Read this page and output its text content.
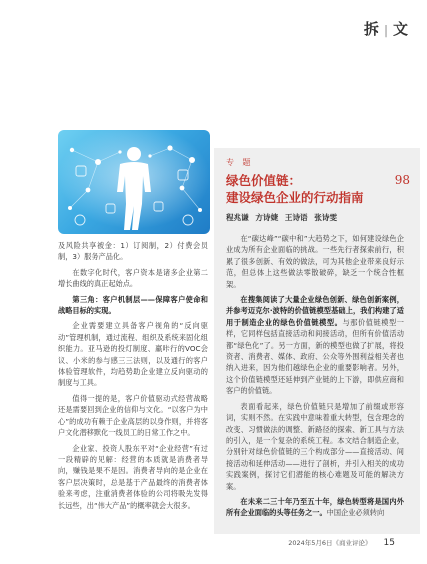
拆|文

及风险共享被金：1）订阅制，2）付费会员制，3）服务产品化。

在数字化时代，客户资本是诸多企业第二增长曲线的真正起始点。

第三角：客户机制层——保障客户使命和战略目标的实现。

企业需要建立具备客户视角的“反向驱动”管理机制，通过流程、组织及系统来固化组织能力。亚马逊的投灯制度、羸咔行的VOC会议、小米的参与感三三法则，以及通行的客户体验管理软件，均趋势助企业建立反向驱动的制度与工具。

值得一提的是，客户价值驱动式经营战略还是需要回到企业的信仰与文化。“以客户为中心”的成功有赖于企业高层的以身作则，并将客户文化潜移默化一线员工的日常工作之中。

企业家、投资人股东平对“企业经营”有过一段精辟的见解：经营的本质就是消费者导向，赚钱是果不是因。消费者导向的是企业在客户层决策时，总是基于产品最终的消费者体验来考虑，注重消费者体验的公司将吸先发得长远些，出“伟大产品”的概率就会大很多。

专 题
绿色价值链：	98

建设绿色企业的行动指南
程兆谦 方诗婕 王诗语 张诗雯

在“碳达峰”“碳中和”大趋势之下，如何建设绿色企业成为所有企业面临的挑战。一些先行者探索前行，积累了很多创新、有效的做法，可为其他企业带来良好示范，但总体上这些做法零散破碎，缺乏一个统合性框架。

在搜集阅读了大量企业绿色创新、绿色创新案例，并参考迈克尔·波特的价值链模型基础上，我们构建了适用于制造企业的绿色价值链模型。与那价值链模型一样，它同样包括直接活动和间接活动，但所有价值活动都“绿色化”了。另一方面，新的模型也做了扩展，将投资者、消费者、媒体、政府、公众等外围利益相关者也纳入进来，因为他们越绿色企业的重要影响者。另外，这个价值链模型还延伸到产业链的上下游，即供应商和客户的价值链。

表面看起来，绿色价值链只是增加了前缀或形容词，实则不然。在实践中意味着重大转型，包含理念的改变、习惯做法的调整、新路径的探索、新工具与方法的引入，是一个复杂的系统工程。本文结合制造企业，分别针对绿色价值链的三个构成部分——直接活动、间接活动和延伸活动——进行了剖析，并引入相关的成功实践案例，探讨它们潜能的核心难题及可能的解决方案。

在未来二三十年乃至五十年，绿色转型将是国内外所有企业面临的头等任务之一。中国企业必须转向

2024年5月6日《商业评论》 15
